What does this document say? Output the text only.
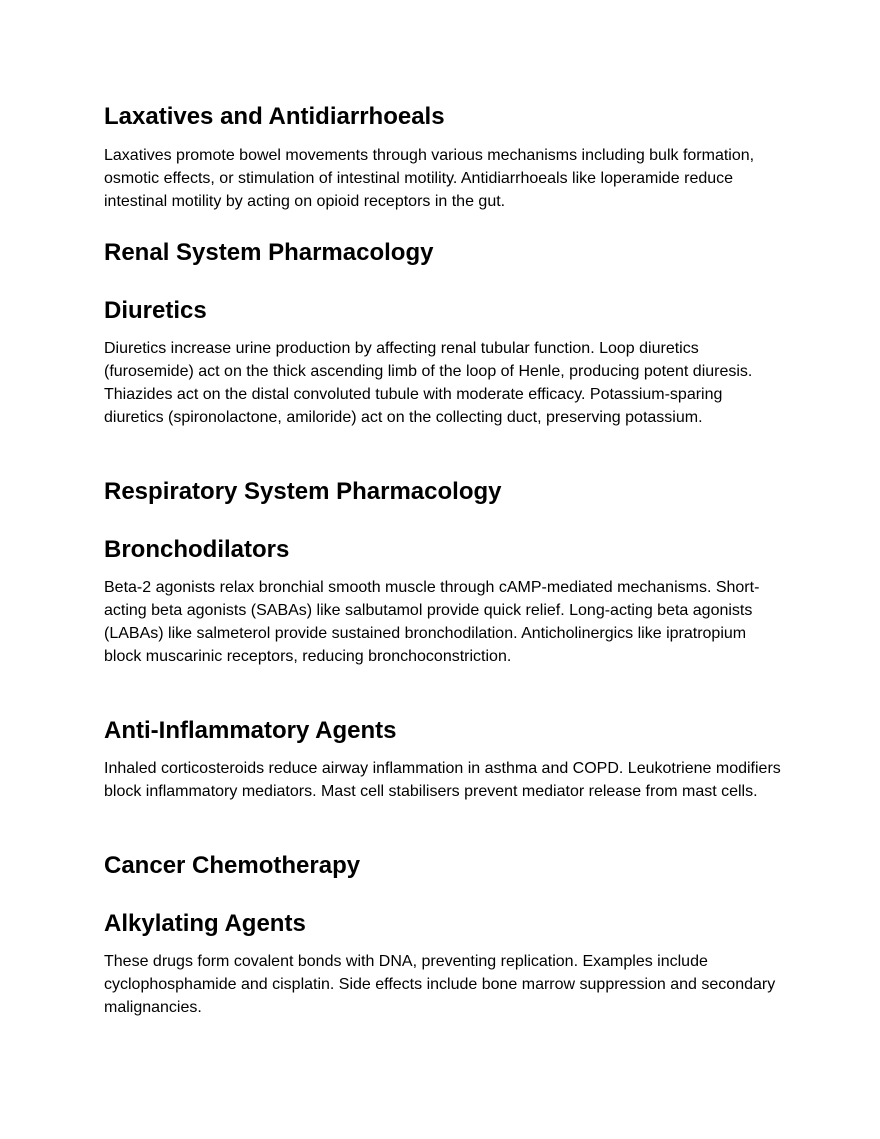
Laxatives and Antidiarrhoeals

Laxatives promote bowel movements through various mechanisms including bulk formation, osmotic effects, or stimulation of intestinal motility. Antidiarrhoeals like loperamide reduce intestinal motility by acting on opioid receptors in the gut.

Renal System Pharmacology
Diuretics

Diuretics increase urine production by affecting renal tubular function. Loop diuretics (furosemide) act on the thick ascending limb of the loop of Henle, producing potent diuresis. Thiazides act on the distal convoluted tubule with moderate efficacy. Potassium-sparing diuretics (spironolactone, amiloride) act on the collecting duct, preserving potassium.

Respiratory System Pharmacology
Bronchodilators

Beta-2 agonists relax bronchial smooth muscle through cAMP-mediated mechanisms. Short-acting beta agonists (SABAs) like salbutamol provide quick relief. Long-acting beta agonists (LABAs) like salmeterol provide sustained bronchodilation. Anticholinergics like ipratropium block muscarinic receptors, reducing bronchoconstriction.

Anti-Inflammatory Agents

Inhaled corticosteroids reduce airway inflammation in asthma and COPD. Leukotriene modifiers block inflammatory mediators. Mast cell stabilisers prevent mediator release from mast cells.

Cancer Chemotherapy
Alkylating Agents

These drugs form covalent bonds with DNA, preventing replication. Examples include cyclophosphamide and cisplatin. Side effects include bone marrow suppression and secondary malignancies.
